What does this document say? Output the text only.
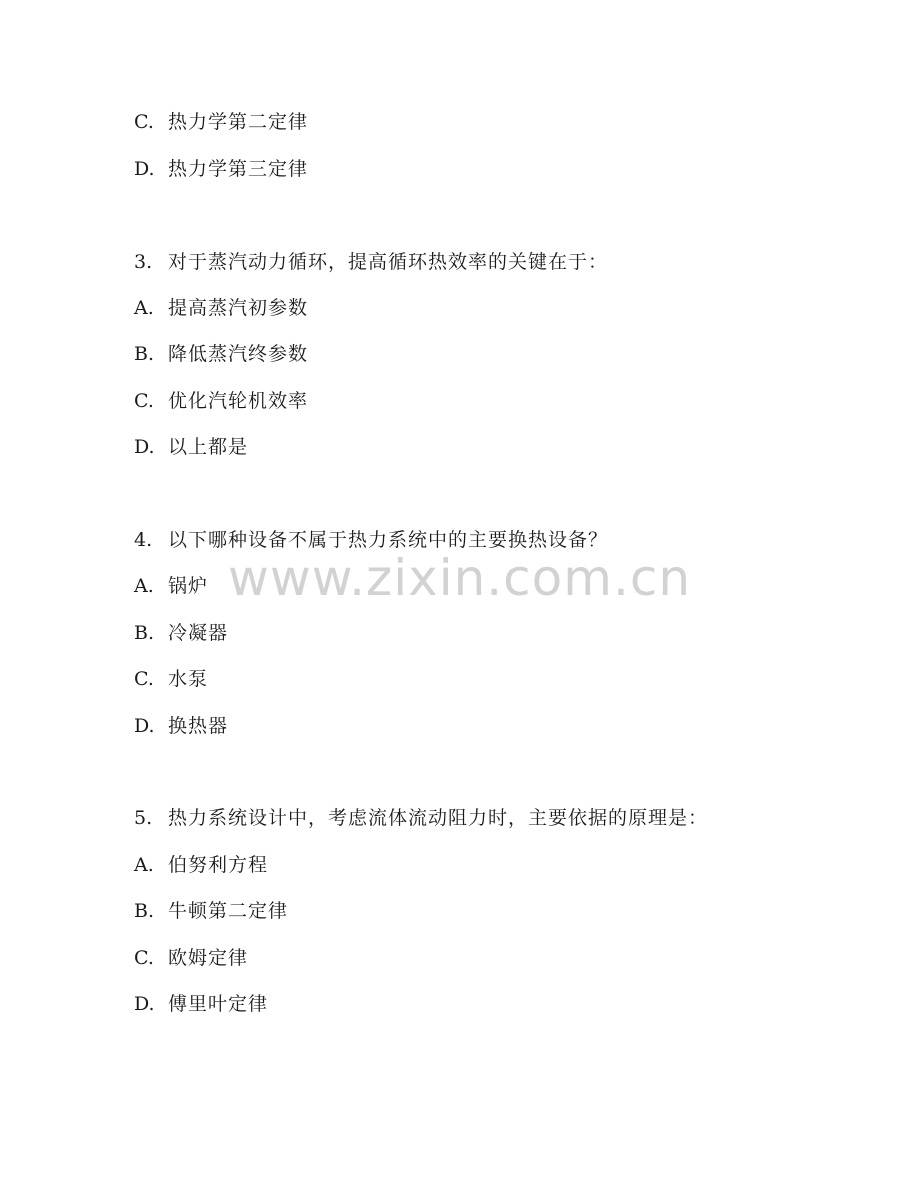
C. 热力学第二定律
D. 热力学第三定律
3. 对于蒸汽动力循环，提高循环热效率的关键在于：
A. 提高蒸汽初参数
B. 降低蒸汽终参数
C. 优化汽轮机效率
D. 以上都是
4. 以下哪种设备不属于热力系统中的主要换热设备？
A. 锅炉
B. 冷凝器
C. 水泵
D. 换热器
5. 热力系统设计中，考虑流体流动阻力时，主要依据的原理是：
A. 伯努利方程
B. 牛顿第二定律
C. 欧姆定律
D. 傅里叶定律
www.zixin.com.cn
